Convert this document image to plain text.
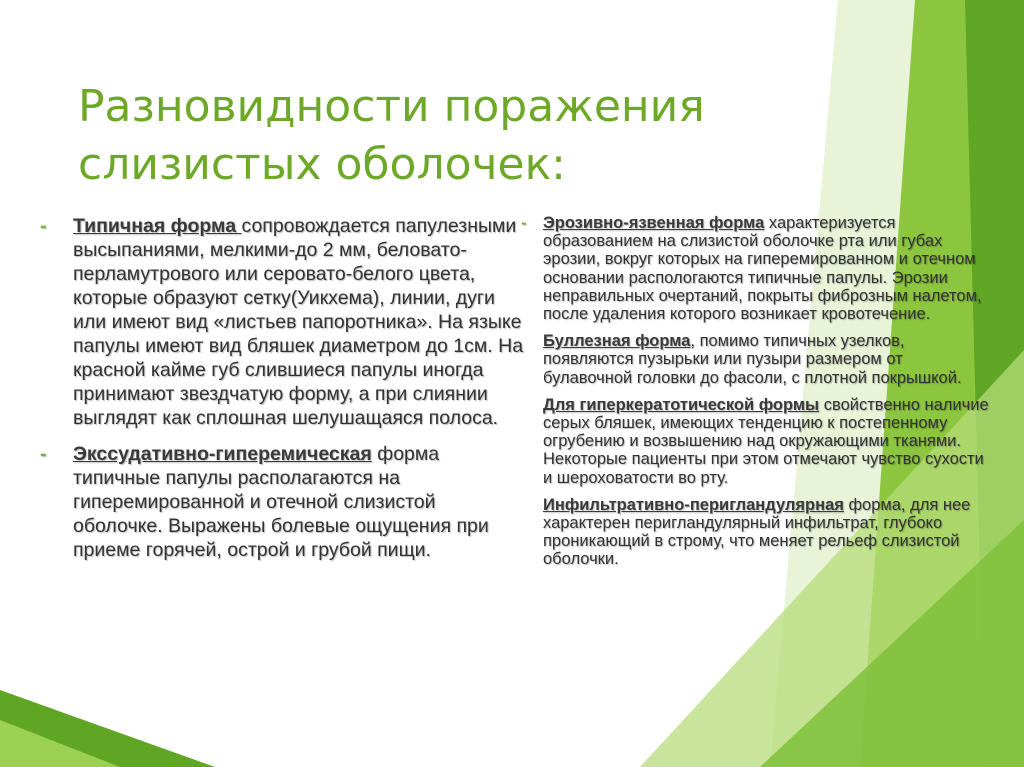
Разновидности поражения
слизистых оболочек:
- Типичная форма сопровождается папулезными высыпаниями, мелкими-до 2 мм, беловато-перламутрового или серовато-белого цвета, которые образуют сетку(Уикхема), линии, дуги или имеют вид «листьев папоротника». На языке папулы имеют вид бляшек диаметром до 1см. На красной кайме губ слившиеся папулы иногда принимают звездчатую форму, а при слиянии выглядят как сплошная шелушащаяся полоса.
- Экссудативно-гиперемическая форма типичные папулы располагаются на гиперемированной и отечной слизистой оболочке. Выражены болевые ощущения при приеме горячей, острой и грубой пищи.
- Эрозивно-язвенная форма характеризуется образованием на слизистой оболочке рта или губах эрозии, вокруг которых на гиперемированном и отечном основании распологаются типичные папулы. Эрозии неправильных очертаний, покрыты фиброзным налетом, после удаления которого возникает кровотечение.
Буллезная форма, помимо типичных узелков, появляются пузырьки или пузыри размером от булавочной головки до фасоли, с плотной покрышкой.
Для гиперкератотической формы свойственно наличие серых бляшек, имеющих тенденцию к постепенному огрубению и возвышению над окружающими тканями. Некоторые пациенты при этом отмечают чувство сухости и шероховатости во рту.
Инфильтративно-перигландулярная форма, для нее характерен перигландулярный инфильтрат, глубоко проникающий в строму, что меняет рельеф слизистой оболочки.
